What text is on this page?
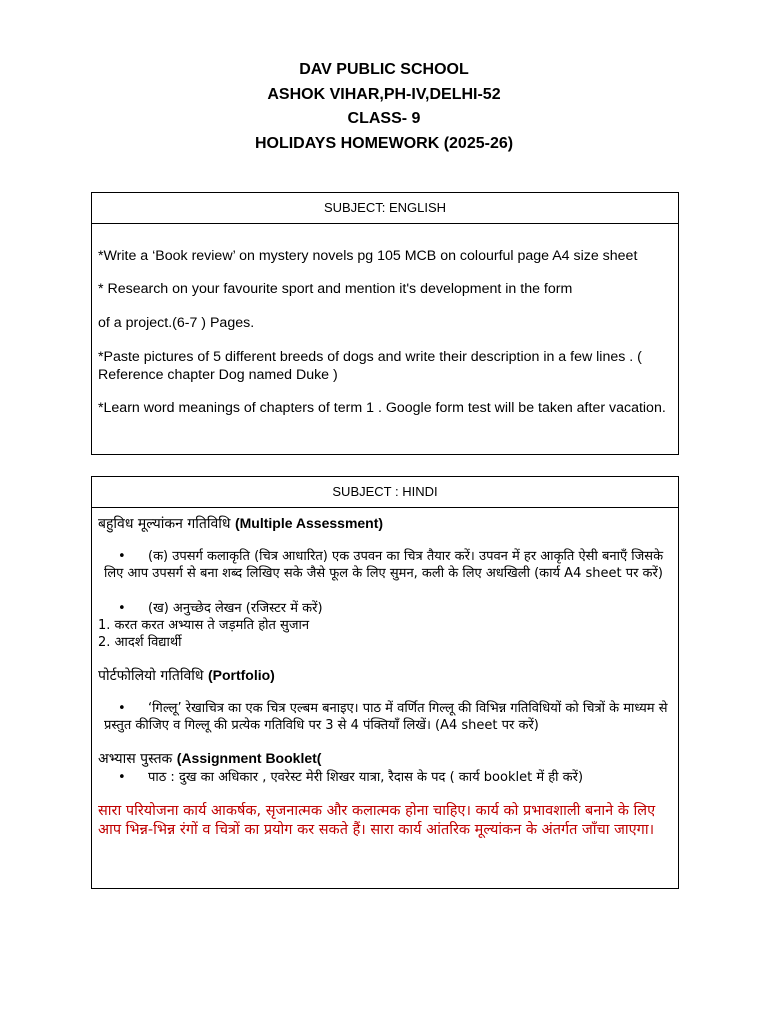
DAV PUBLIC SCHOOL
ASHOK VIHAR,PH-IV,DELHI-52
CLASS- 9
HOLIDAYS HOMEWORK (2025-26)
SUBJECT: ENGLISH

*Write a ‘Book review’ on mystery novels pg 105 MCB on colourful page A4 size sheet

* Research on your favourite sport and mention it's development in the form

of a project.(6-7 ) Pages.

*Paste pictures of 5 different breeds of dogs and write their description in a few lines . ( Reference chapter Dog named Duke )

*Learn word meanings of chapters of term 1 . Google form test will be taken after vacation.

SUBJECT : HINDI
बहुविध मूल्यांकन गतिविधि (Multiple Assessment)
• (क) उपसर्ग कलाकृति (चित्र आधारित) एक उपवन का चित्र तैयार करें। उपवन में हर आकृति ऐसी बनाएँ जिसके लिए आप उपसर्ग से बना शब्द लिखिए सके जैसे फूल के लिए सुमन, कली के लिए अधखिली (कार्य A4 sheet पर करें)
• (ख) अनुच्छेद लेखन (रजिस्टर में करें)
1. करत करत अभ्यास ते जड़मति होत सुजान
2. आदर्श विद्यार्थी
पोर्टफोलियो गतिविधि (Portfolio)
• ‘गिल्लू’ रेखाचित्र का एक चित्र एल्बम बनाइए। पाठ में वर्णित गिल्लू की विभिन्न गतिविधियों को चित्रों के माध्यम से प्रस्तुत कीजिए व गिल्लू की प्रत्येक गतिविधि पर 3 से 4 पंक्तियाँ लिखें। (A4 sheet पर करें)
अभ्यास पुस्तक (Assignment Booklet(
• पाठ : दुख का अधिकार , एवरेस्ट मेरी शिखर यात्रा, रैदास के पद ( कार्य booklet में ही करें)
सारा परियोजना कार्य आकर्षक, सृजनात्मक और कलात्मक होना चाहिए। कार्य को प्रभावशाली बनाने के लिए आप भिन्न-भिन्न रंगों व चित्रों का प्रयोग कर सकते हैं। सारा कार्य आंतरिक मूल्यांकन के अंतर्गत जाँचा जाएगा।
